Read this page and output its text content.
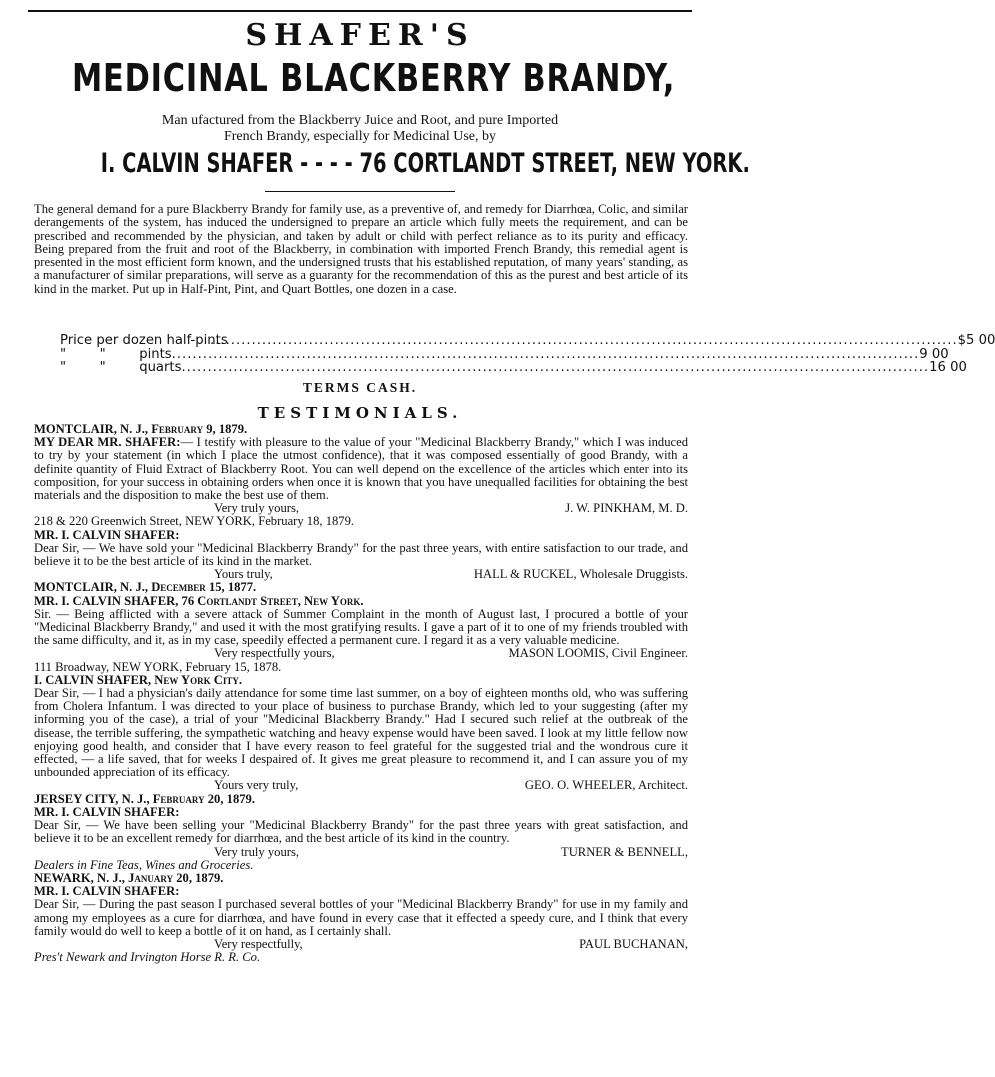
SHAFER'S
MEDICINAL BLACKBERRY BRANDY,
Man ufactured from the Blackberry Juice and Root, and pure Imported
French Brandy, especially for Medicinal Use, by
I. CALVIN SHAFER - - - - 76 CORTLANDT STREET, NEW YORK.
The general demand for a pure Blackberry Brandy for family use, as a preventive of, and remedy for Diarrhœa, Colic, and similar derangements of the system, has induced the undersigned to prepare an article which fully meets the requirement, and can be prescribed and recommended by the physician, and taken by adult or child with perfect reliance as to its purity and efficacy. Being prepared from the fruit and root of the Blackberry, in combination with imported French Brandy, this remedial agent is presented in the most efficient form known, and the undersigned trusts that his established reputation, of many years' standing, as a manufacturer of similar preparations, will serve as a guaranty for the recommendation of this as the purest and best article of its kind in the market. Put up in Half-Pint, Pint, and Quart Bottles, one dozen in a case.
Price per dozen half-pints
................................................................................................................................................ $5 00
"        "        pints ................................................................................................................................................ 9 00
"        "        quarts ................................................................................................................................................ 16 00
TERMS CASH.
TESTIMONIALS.

MONTCLAIR, N. J., February 9, 1879.

MY DEAR MR. SHAFER:— I testify with pleasure to the value of your "Medicinal Blackberry Brandy," which I was induced to try by your statement (in which I place the utmost confidence), that it was composed essentially of good Brandy, with a definite quantity of Fluid Extract of Blackberry Root. You can well depend on the excellence of the articles which enter into its composition, for your success in obtaining orders when once it is known that you have unequalled facilities for obtaining the best materials and the disposition to make the best use of them.

Very truly yours,	J. W. PINKHAM, M. D.

218 & 220 Greenwich Street, NEW YORK, February 18, 1879.

MR. I. CALVIN SHAFER:

Dear Sir, — We have sold your "Medicinal Blackberry Brandy" for the past three years, with entire satisfaction to our trade, and believe it to be the best article of its kind in the market.

Yours truly,	HALL & RUCKEL, Wholesale Druggists.

MONTCLAIR, N. J., December 15, 1877.

MR. I. CALVIN SHAFER, 76 Cortlandt Street, New York.

Sir. — Being afflicted with a severe attack of Summer Complaint in the month of August last, I procured a bottle of your "Medicinal Blackberry Brandy," and used it with the most gratifying results. I gave a part of it to one of my friends troubled with the same difficulty, and it, as in my case, speedily effected a permanent cure. I regard it as a very valuable medicine.

Very respectfully yours,	MASON LOOMIS, Civil Engineer.

111 Broadway, NEW YORK, February 15, 1878.

I. CALVIN SHAFER, New York City.

Dear Sir, — I had a physician's daily attendance for some time last summer, on a boy of eighteen months old, who was suffering from Cholera Infantum. I was directed to your place of business to purchase Brandy, which led to your suggesting (after my informing you of the case), a trial of your "Medicinal Blackberry Brandy." Had I secured such relief at the outbreak of the disease, the terrible suffering, the sympathetic watching and heavy expense would have been saved. I look at my little fellow now enjoying good health, and consider that I have every reason to feel grateful for the suggested trial and the wondrous cure it effected, — a life saved, that for weeks I despaired of. It gives me great pleasure to recommend it, and I can assure you of my unbounded appreciation of its efficacy.

Yours very truly,	GEO. O. WHEELER, Architect.

JERSEY CITY, N. J., February 20, 1879.

MR. I. CALVIN SHAFER:

Dear Sir, — We have been selling your "Medicinal Blackberry Brandy" for the past three years with great satisfaction, and believe it to be an excellent remedy for diarrhœa, and the best article of its kind in the country.

Very truly yours,	TURNER & BENNELL,

Dealers in Fine Teas, Wines and Groceries.

NEWARK, N. J., January 20, 1879.

MR. I. CALVIN SHAFER:

Dear Sir, — During the past season I purchased several bottles of your "Medicinal Blackberry Brandy" for use in my family and among my employees as a cure for diarrhœa, and have found in every case that it effected a speedy cure, and I think that every family would do well to keep a bottle of it on hand, as I certainly shall.

Very respectfully,	PAUL BUCHANAN,

Pres't Newark and Irvington Horse R. R. Co.
